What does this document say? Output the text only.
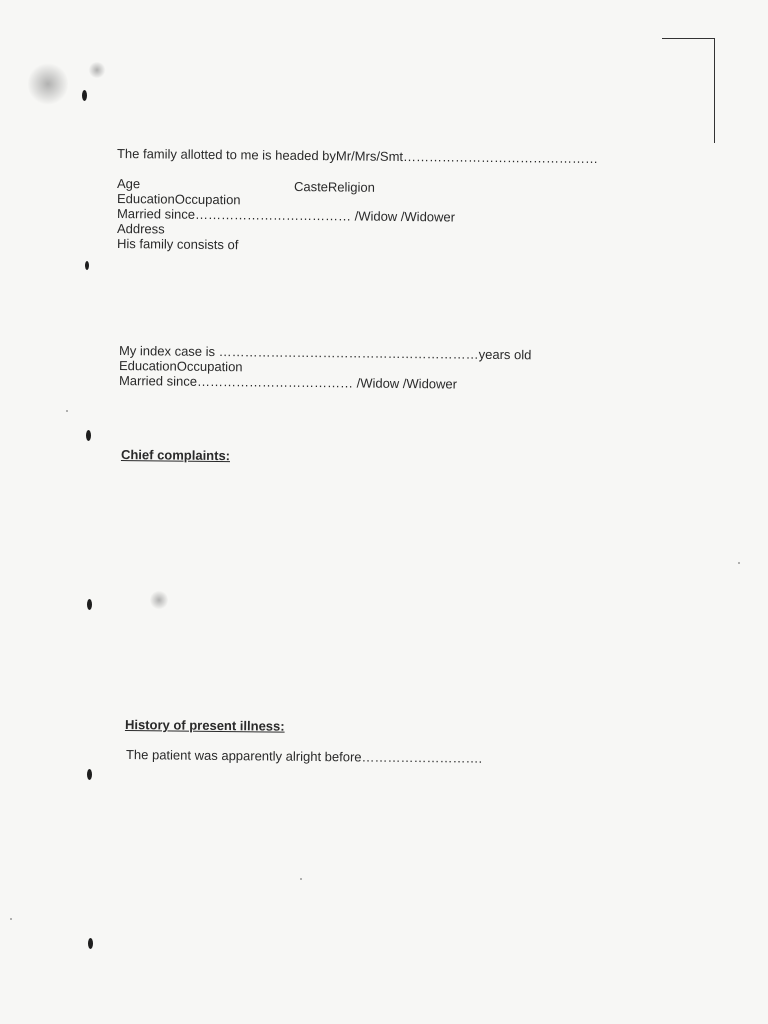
The family allotted to me is headed byMr/Mrs/Smt………………………………………
Age	CasteReligion
EducationOccupation
Married since……………………………… /Widow /Widower
Address
His family consists of
My index case is ……………………………………………………years old
EducationOccupation
Married since……………………………… /Widow /Widower
Chief complaints:
History of present illness:
The patient was apparently alright before……………………….
